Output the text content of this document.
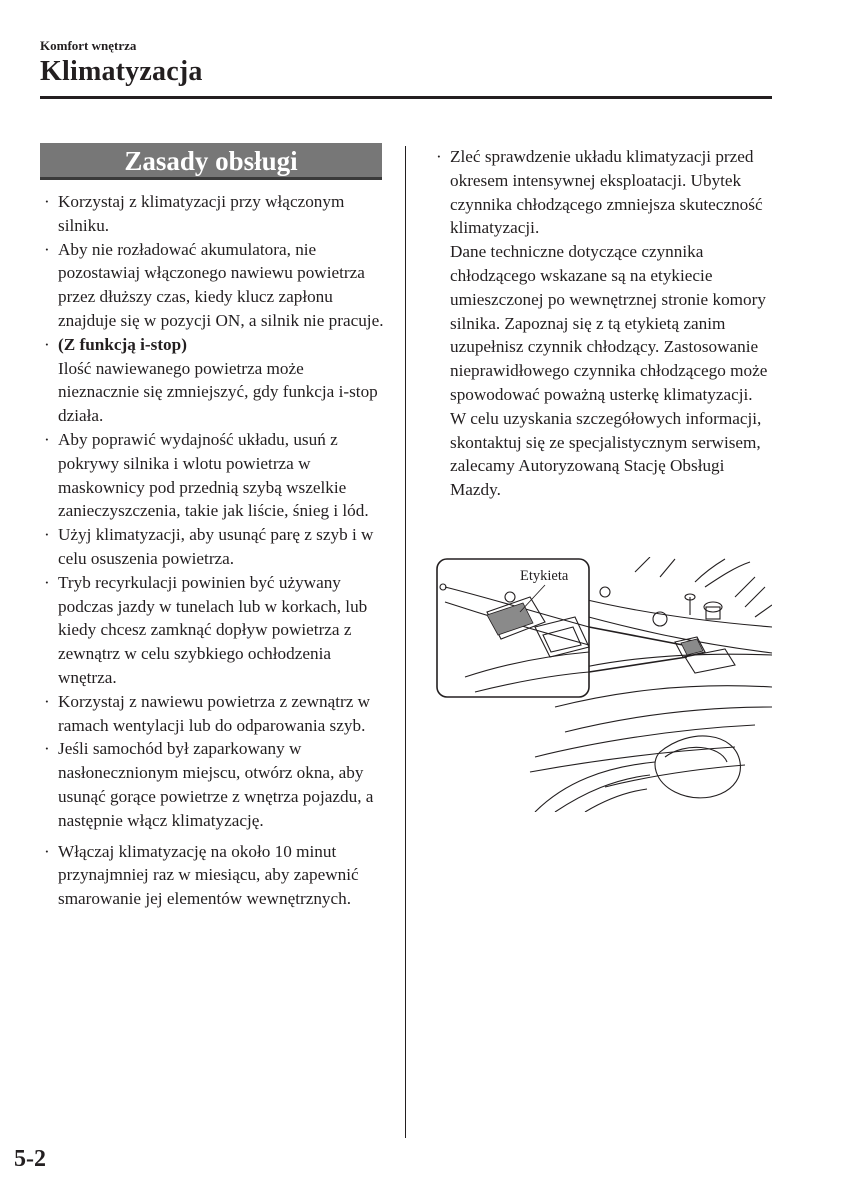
Komfort wnętrza
Klimatyzacja
Zasady obsługi
· Korzystaj z klimatyzacji przy włączonym silniku.
· Aby nie rozładować akumulatora, nie pozostawiaj włączonego nawiewu powietrza przez dłuższy czas, kiedy klucz zapłonu znajduje się w pozycji ON, a silnik nie pracuje.
· (Z funkcją i-stop)
Ilość nawiewanego powietrza może nieznacznie się zmniejszyć, gdy funkcja i-stop działa.
· Aby poprawić wydajność układu, usuń z pokrywy silnika i wlotu powietrza w maskownicy pod przednią szybą wszelkie zanieczyszczenia, takie jak liście, śnieg i lód.
· Użyj klimatyzacji, aby usunąć parę z szyb i w celu osuszenia powietrza.
· Tryb recyrkulacji powinien być używany podczas jazdy w tunelach lub w korkach, lub kiedy chcesz zamknąć dopływ powietrza z zewnątrz w celu szybkiego ochłodzenia wnętrza.
· Korzystaj z nawiewu powietrza z zewnątrz w ramach wentylacji lub do odparowania szyb.
· Jeśli samochód był zaparkowany w nasłonecznionym miejscu, otwórz okna, aby usunąć gorące powietrze z wnętrza pojazdu, a następnie włącz klimatyzację.
· Włączaj klimatyzację na około 10 minut przynajmniej raz w miesiącu, aby zapewnić smarowanie jej elementów wewnętrznych.
· Zleć sprawdzenie układu klimatyzacji przed okresem intensywnej eksploatacji. Ubytek czynnika chłodzącego zmniejsza skuteczność klimatyzacji.
Dane techniczne dotyczące czynnika chłodzącego wskazane są na etykiecie umieszczonej po wewnętrznej stronie komory silnika. Zapoznaj się z tą etykietą zanim uzupełnisz czynnik chłodzący. Zastosowanie nieprawidłowego czynnika chłodzącego może spowodować poważną usterkę klimatyzacji.
W celu uzyskania szczegółowych informacji, skontaktuj się ze specjalistycznym serwisem, zalecamy Autoryzowaną Stację Obsługi Mazdy.
Etykieta
5-2
